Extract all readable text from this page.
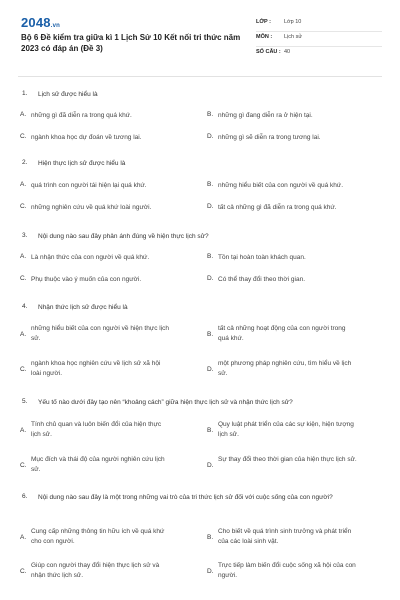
2048.vn
Bộ 6 Đề kiểm tra giữa kì 1 Lịch Sử 10 Kết nối tri thức năm 2023 có đáp án (Đề 3)
LỚP : Lớp 10
MÔN : Lịch sử
SỐ CÂU : 40
1. Lịch sử được hiểu là
A. những gì đã diễn ra trong quá khứ.	B. những gì đang diễn ra ở hiện tại.
C. ngành khoa học dự đoán về tương lai.	D. những gì sẽ diễn ra trong tương lai.
2. Hiện thực lịch sử được hiểu là
A. quá trình con người tái hiện lại quá khứ.	B. những hiểu biết của con người về quá khứ.
C. những nghiên cứu về quá khứ loài người.	D. tất cả những gì đã diễn ra trong quá khứ.
3. Nội dung nào sau đây phản ánh đúng về hiện thực lịch sử?
A. Là nhận thức của con người về quá khứ.	B. Tồn tại hoàn toàn khách quan.
C. Phụ thuộc vào ý muốn của con người.	D. Có thể thay đổi theo thời gian.
4. Nhận thức lịch sử được hiểu là
A.
những hiểu biết của con người về hiện thực lịch sử.
B.
tất cả những hoạt động của con người trong quá khứ.
C.
ngành khoa học nghiên cứu về lịch sử xã hội loài người.
D.
một phương pháp nghiên cứu, tìm hiểu về lịch sử.
5. Yếu tố nào dưới đây tạo nên “khoảng cách” giữa hiện thực lịch sử và nhận thức lịch sử?
A.
Tính chủ quan và luôn biến đổi của hiện thực lịch sử.
B.
Quy luật phát triển của các sự kiện, hiện tượng lịch sử.
C.
Mục đích và thái độ của người nghiên cứu lịch sử.
D.
Sự thay đổi theo thời gian của hiện thực lịch sử.
6. Nội dung nào sau đây là một trong những vai trò của tri thức lịch sử đối với cuộc sống của con người?
A.
Cung cấp những thông tin hữu ích về quá khứ cho con người.
B.
Cho biết về quá trình sinh trưởng và phát triển của các loài sinh vật.
C.
Giúp con người thay đổi hiện thực lịch sử và nhận thức lịch sử.
D.
Trực tiếp làm biến đổi cuộc sống xã hội của con người.
